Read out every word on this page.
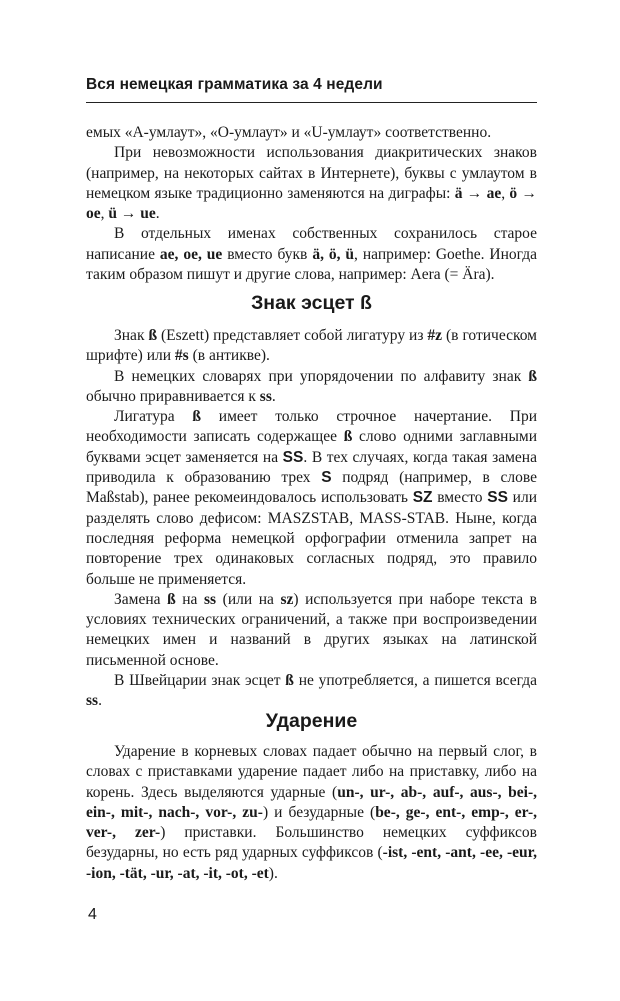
Вся немецкая грамматика за 4 недели

емых «А-умлаут», «О-умлаут» и «U-умлаут» соответственно.

При невозможности использования диакритических знаков (например, на некоторых сайтах в Интернете), буквы с умлаутом в немецком языке традиционно заменяются на диграфы: ä → ae, ö → oe, ü → ue.

В отдельных именах собственных сохранилось старое написание ae, oe, ue вместо букв ä, ö, ü, например: Goethe. Иногда таким образом пишут и другие слова, например: Aera (= Ära).

Знак эсцет ß

Знак ß (Eszett) представляет собой лигатуру из #z (в готическом шрифте) или #s (в антикве).

В немецких словарях при упорядочении по алфавиту знак ß обычно приравнивается к ss.

Лигатура ß имеет только строчное начертание. При необходимости записать содержащее ß слово одними заглавными буквами эсцет заменяется на SS. В тех случаях, когда такая замена приводила к образованию трех S подряд (например, в слове Maßstab), ранее рекомеиндовалось использовать SZ вместо SS или разделять слово дефисом: MASZSTAB, MASS-STAB. Ныне, когда последняя реформа немецкой орфографии отменила запрет на повторение трех одинаковых согласных подряд, это правило больше не применяется.

Замена ß на ss (или на sz) используется при наборе текста в условиях технических ограничений, а также при воспроизведении немецких имен и названий в других языках на латинской письменной основе.

В Швейцарии знак эсцет ß не употребляется, а пишется всегда ss.

Ударение

Ударение в корневых словах падает обычно на первый слог, в словах с приставками ударение падает либо на приставку, либо на корень. Здесь выделяются ударные (un-, ur-, ab-, auf-, aus-, bei-, ein-, mit-, nach-, vor-, zu-) и безударные (be-, ge-, ent-, emp-, er-, ver-, zer-) приставки. Большинство немецких суффиксов безударны, но есть ряд ударных суффиксов (-ist, -ent, -ant, -ee, -eur, -ion, -tät, -ur, -at, -it, -ot, -et).

4
